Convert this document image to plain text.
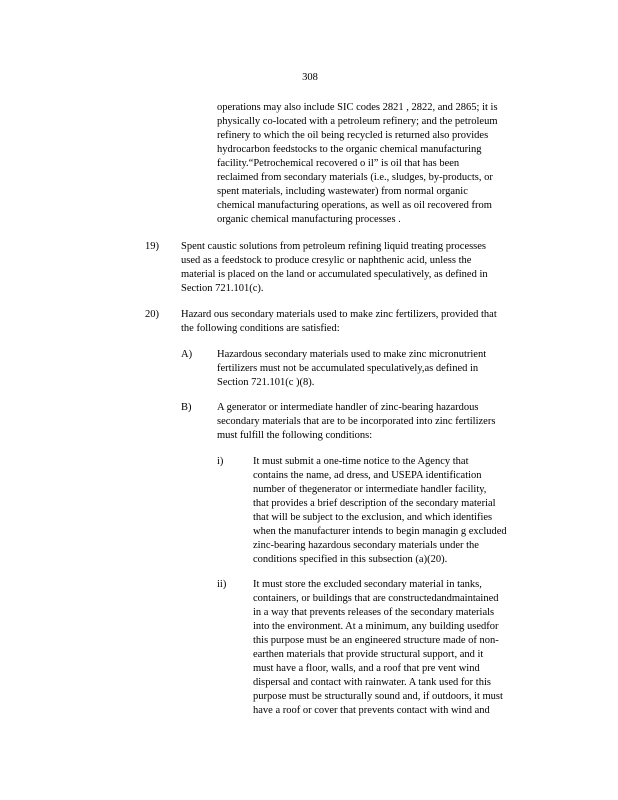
308
operations may also include SIC codes 2821 , 2822, and 2865; it is
physically co-located with a petroleum refinery; and the petroleum
refinery to which the oil being recycled is returned also provides
hydrocarbon feedstocks to the organic chemical manufacturing
facility.“Petrochemical recovered o il” is oil that has been
reclaimed from secondary materials (i.e., sludges, by-products, or
spent materials, including wastewater) from normal organic
chemical manufacturing operations, as well as oil recovered from
organic chemical manufacturing processes .
19) Spent caustic solutions from petroleum refining liquid treating processes
used as a feedstock to produce cresylic or naphthenic acid, unless the
material is placed on the land or accumulated speculatively, as defined in
Section 721.101(c).
20) Hazard ous secondary materials used to make zinc fertilizers, provided that
the following conditions are satisfied:
A) Hazardous secondary materials used to make zinc micronutrient
fertilizers must not be accumulated speculatively,as defined in
Section 721.101(c )(8).
B) A generator or intermediate handler of zinc-bearing hazardous
secondary materials that are to be incorporated into zinc fertilizers
must fulfill the following conditions:
i)	It must submit a one-time notice to the Agency that
contains the name, ad dress, and USEPA identification
number of thegenerator or intermediate handler facility,
that provides a brief description of the secondary material
that will be subject to the exclusion, and which identifies
when the manufacturer intends to begin managin g excluded
zinc-bearing hazardous secondary materials under the
conditions specified in this subsection (a)(20).
ii)	It must store the excluded secondary material in tanks,
containers, or buildings that are constructedandmaintained
in a way that prevents releases of the secondary materials
into the environment. At a minimum, any building usedfor
this purpose must be an engineered structure made of non-
earthen materials that provide structural support, and it
must have a floor, walls, and a roof that pre vent wind
dispersal and contact with rainwater. A tank used for this
purpose must be structurally sound and, if outdoors, it must
have a roof or cover that prevents contact with wind and
